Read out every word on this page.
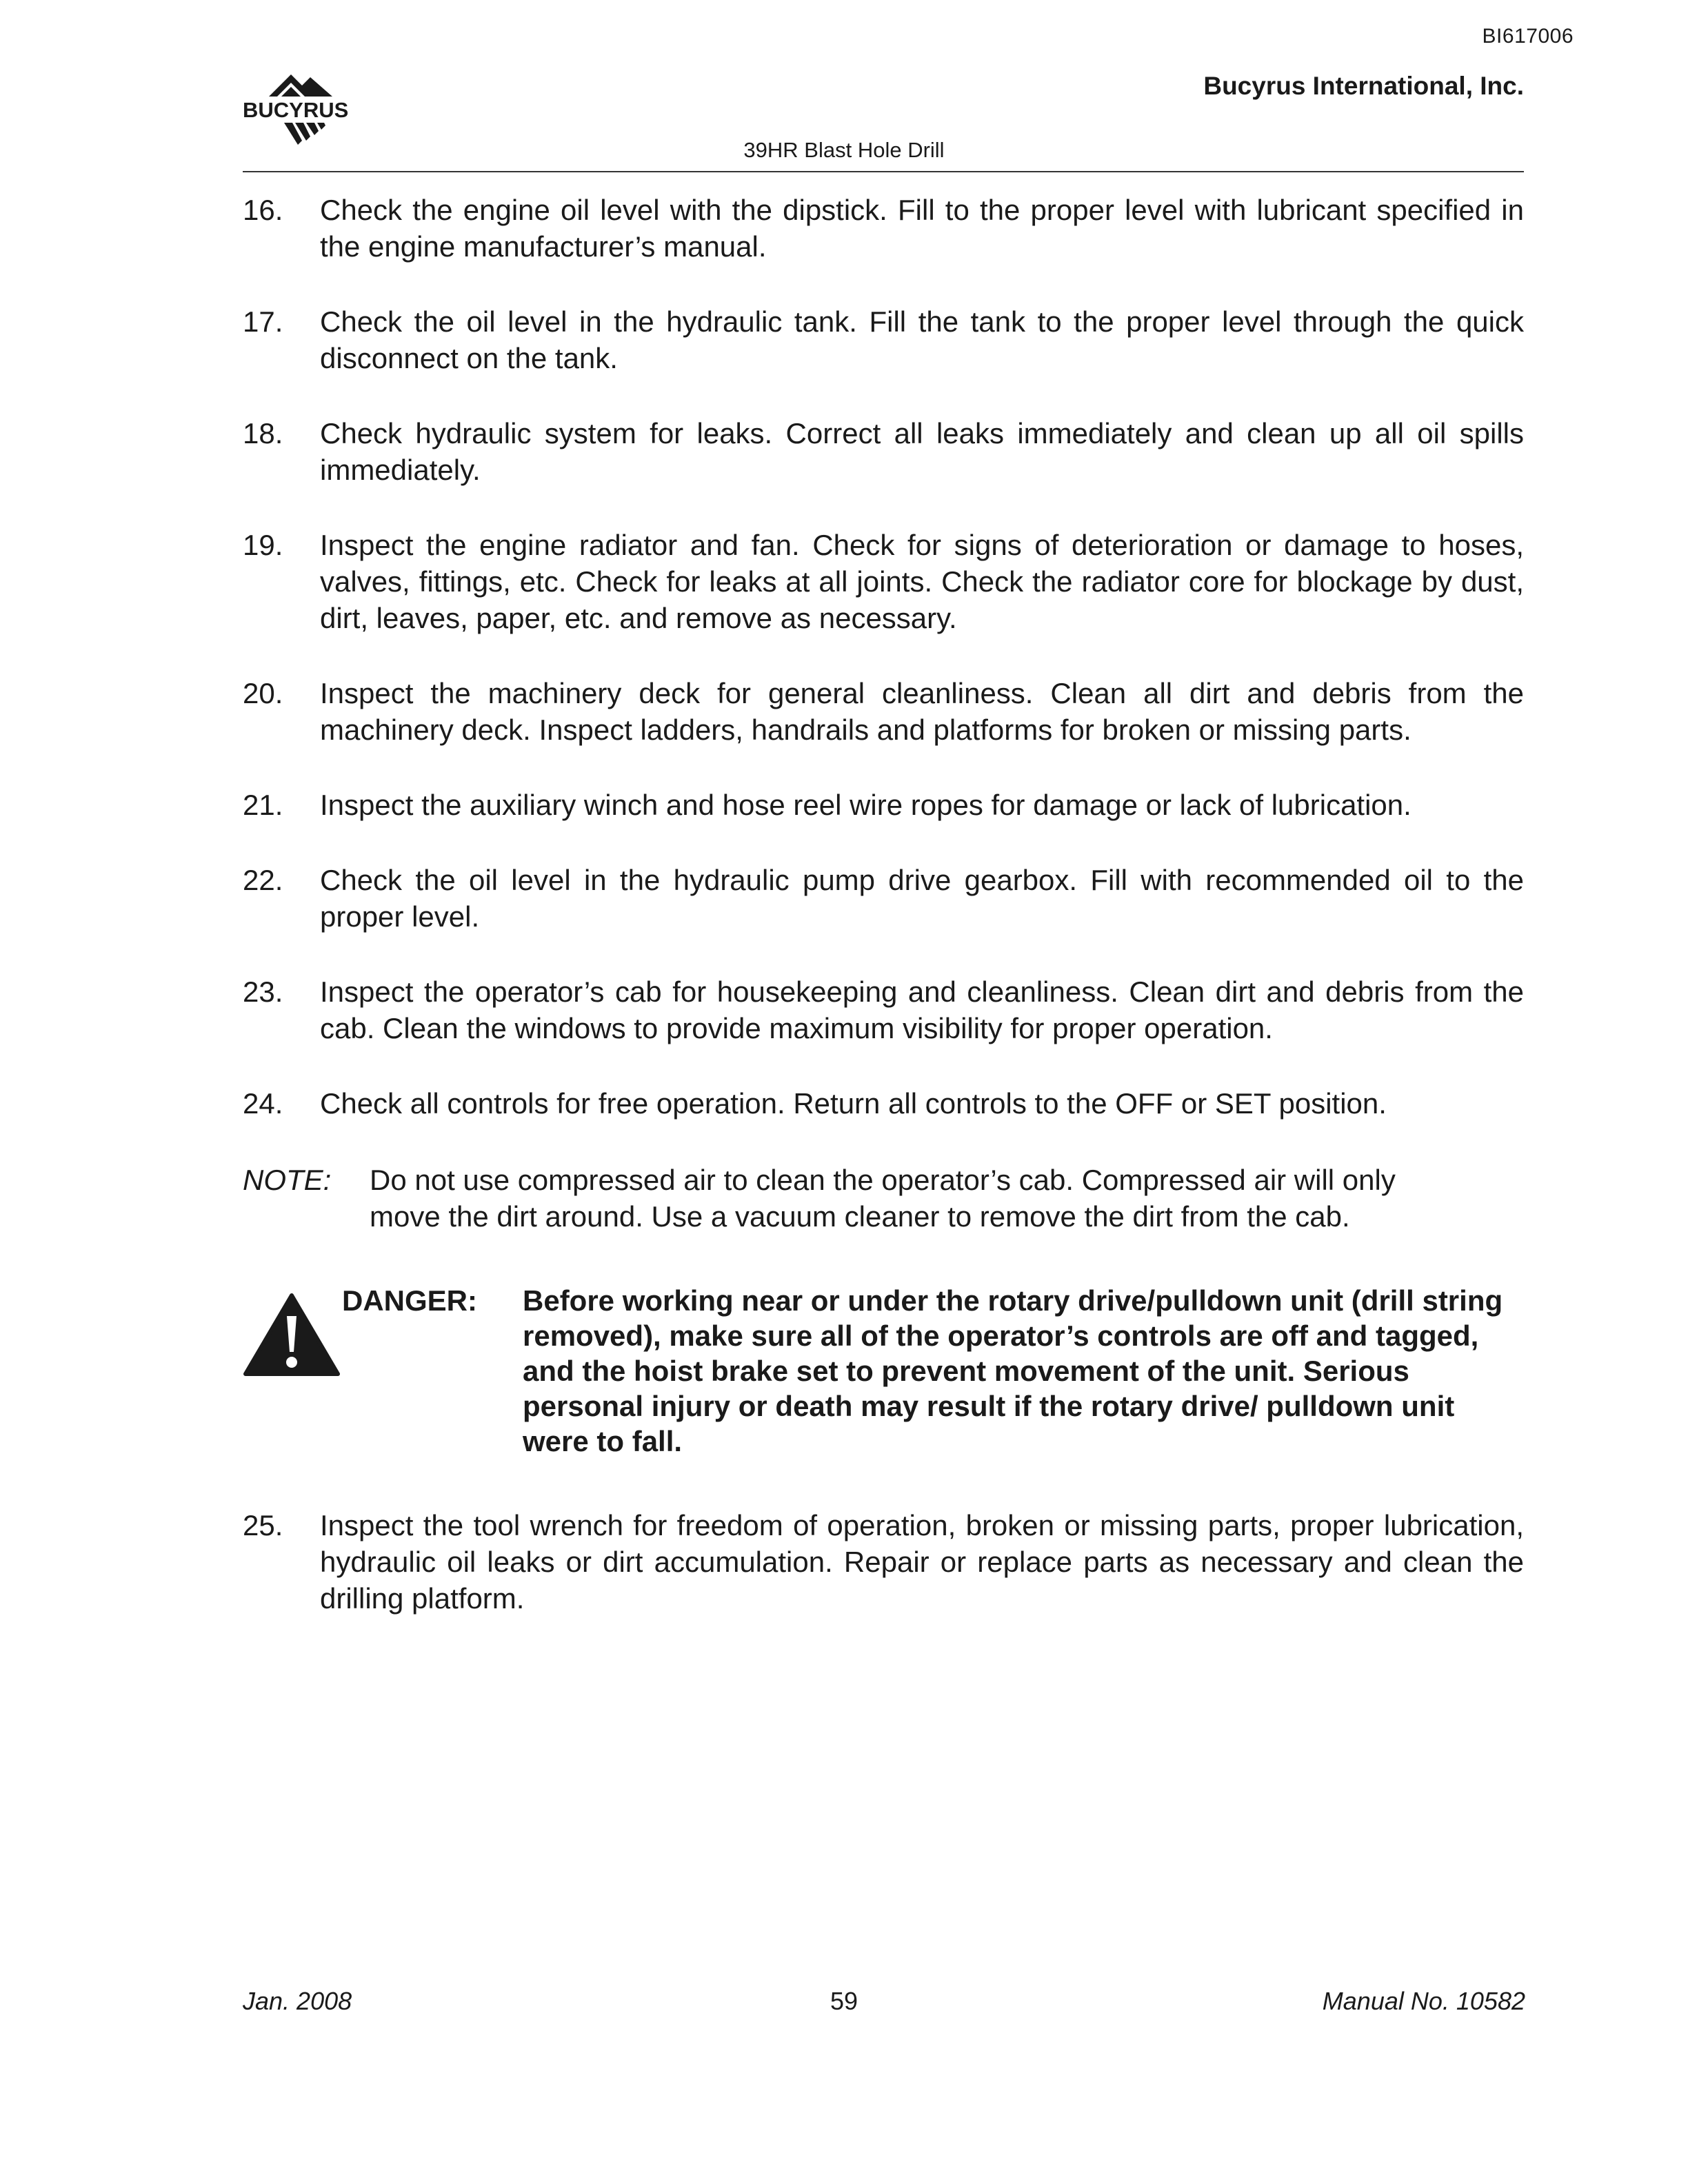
BI617006
BUCYRUS
Bucyrus International, Inc.
39HR Blast Hole Drill
16.	Check the engine oil level with the dipstick. Fill to the proper level with lubricant specified in the engine manufacturer’s manual.
17.	Check the oil level in the hydraulic tank. Fill the tank to the proper level through the quick disconnect on the tank.
18.	Check hydraulic system for leaks. Correct all leaks immediately and clean up all oil spills immediately.
19.	Inspect the engine radiator and fan. Check for signs of deterioration or damage to hoses, valves, fittings, etc. Check for leaks at all joints. Check the radiator core for blockage by dust, dirt, leaves, paper, etc. and remove as necessary.
20.	Inspect the machinery deck for general cleanliness. Clean all dirt and debris from the machinery deck. Inspect ladders, handrails and platforms for broken or missing parts.
21.	Inspect the auxiliary winch and hose reel wire ropes for damage or lack of lubrication.
22.	Check the oil level in the hydraulic pump drive gearbox. Fill with recommended oil to the proper level.
23.	Inspect the operator’s cab for housekeeping and cleanliness. Clean dirt and debris from the cab. Clean the windows to provide maximum visibility for proper operation.
24.	Check all controls for free operation. Return all controls to the OFF or SET position.
NOTE:	Do not use compressed air to clean the operator’s cab. Compressed air will only move the dirt around. Use a vacuum cleaner to remove the dirt from the cab.
DANGER:	Before working near or under the rotary drive/pulldown unit (drill string removed), make sure all of the operator’s controls are off and tagged, and the hoist brake set to prevent movement of the unit. Serious personal injury or death may result if the rotary drive/ pulldown unit were to fall.
25.	Inspect the tool wrench for freedom of operation, broken or missing parts, proper lubrication, hydraulic oil leaks or dirt accumulation. Repair or replace parts as necessary and clean the drilling platform.
Jan. 2008	59	Manual No. 10582
